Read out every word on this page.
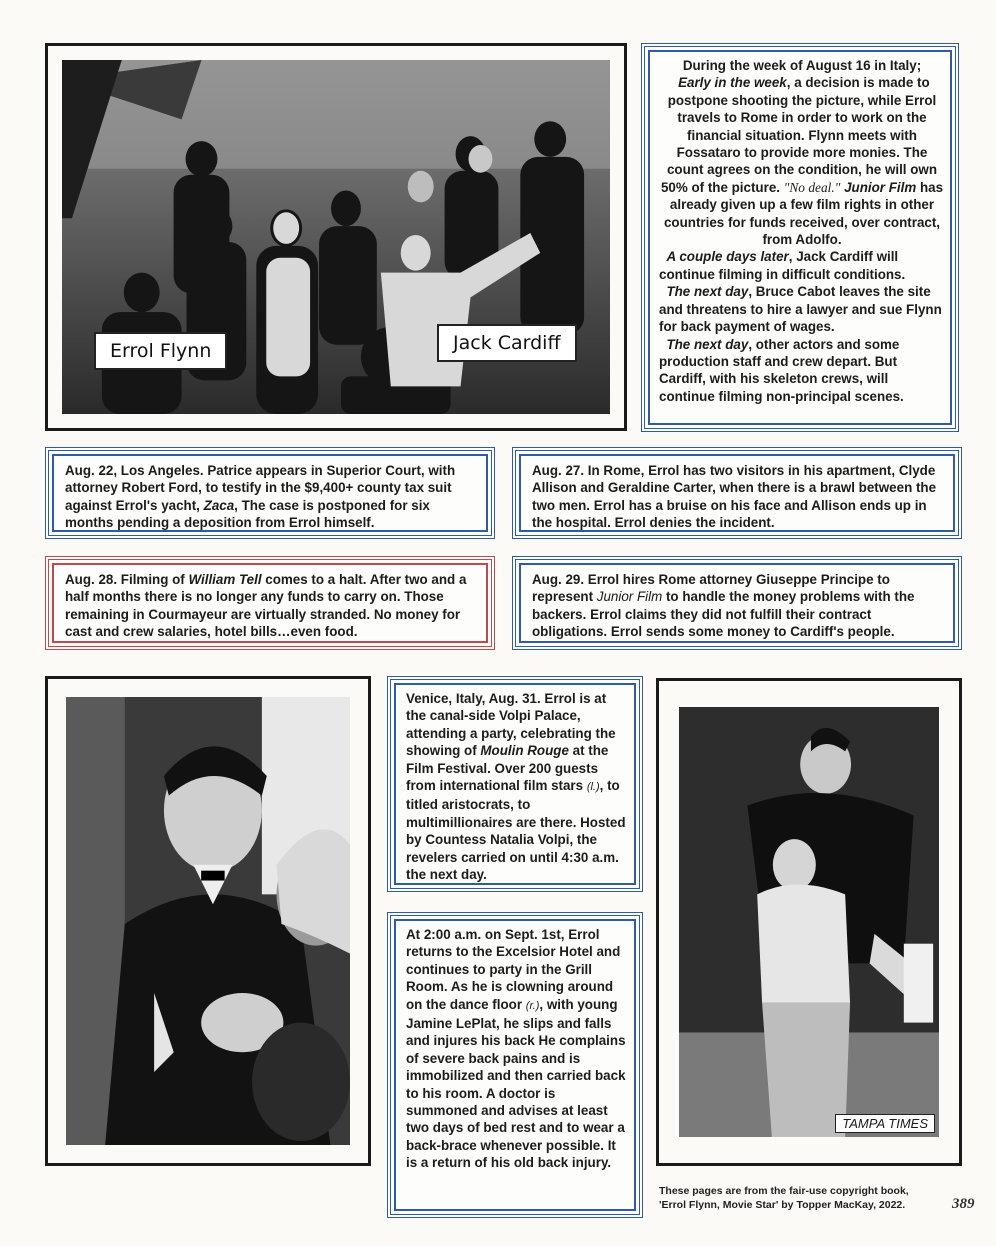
Errol Flynn	Jack Cardiff
During the week of August 16 in Italy;
Early in the week, a decision is made to postpone shooting the picture, while Errol travels to Rome in order to work on the financial situation. Flynn meets with Fossataro to provide more monies. The count agrees on the condition, he will own 50% of the picture. "No deal." Junior Film has already given up a few film rights in other countries for funds received, over contract, from Adolfo.
A couple days later, Jack Cardiff will continue filming in difficult conditions.
The next day, Bruce Cabot leaves the site and threatens to hire a lawyer and sue Flynn for back payment of wages.
The next day, other actors and some production staff and crew depart. But Cardiff, with his skeleton crews, will continue filming non-principal scenes.
Aug. 22, Los Angeles. Patrice appears in Superior Court, with attorney Robert Ford, to testify in the $9,400+ county tax suit against Errol's yacht, Zaca, The case is postponed for six months pending a deposition from Errol himself.
Aug. 27. In Rome, Errol has two visitors in his apartment, Clyde Allison and Geraldine Carter, when there is a brawl between the two men. Errol has a bruise on his face and Allison ends up in the hospital. Errol denies the incident.
Aug. 28. Filming of William Tell comes to a halt. After two and a half months there is no longer any funds to carry on. Those remaining in Courmayeur are virtually stranded. No money for cast and crew salaries, hotel bills…even food.
Aug. 29. Errol hires Rome attorney Giuseppe Principe to represent Junior Film to handle the money problems with the backers. Errol claims they did not fulfill their contract obligations. Errol sends some money to Cardiff's people.
Venice, Italy, Aug. 31. Errol is at the canal-side Volpi Palace, attending a party, celebrating the showing of Moulin Rouge at the Film Festival. Over 200 guests from international film stars (l.), to titled aristocrats, to multimillionaires are there. Hosted by Countess Natalia Volpi, the revelers carried on until 4:30 a.m. the next day.
At 2:00 a.m. on Sept. 1st, Errol returns to the Excelsior Hotel and continues to party in the Grill Room. As he is clowning around on the dance floor (r.), with young Jamine LePlat, he slips and falls and injures his back He complains of severe back pains and is immobilized and then carried back to his room. A doctor is summoned and advises at least two days of bed rest and to wear a back-brace whenever possible. It is a return of his old back injury.
TAMPA TIMES
These pages are from the fair-use copyright book,
'Errol Flynn, Movie Star' by Topper MacKay, 2022.	389
